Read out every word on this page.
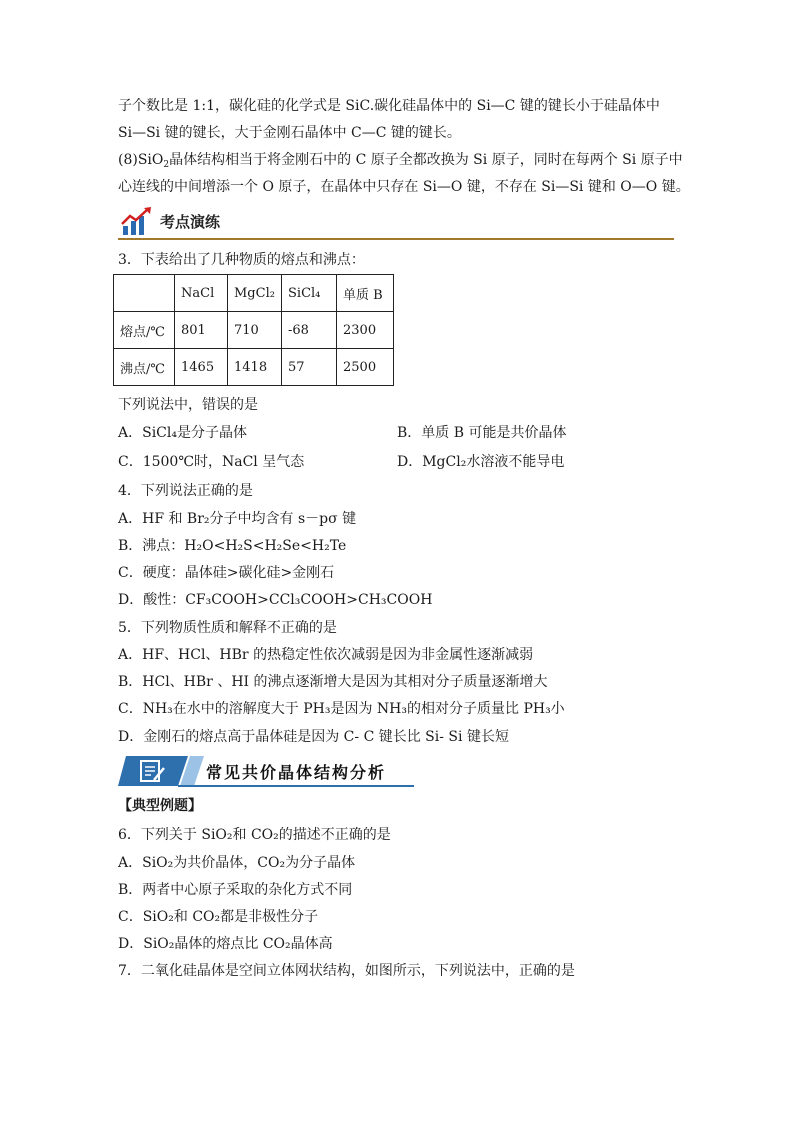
子个数比是 1:1，碳化硅的化学式是 SiC.碳化硅晶体中的 Si—C 键的键长小于硅晶体中
Si—Si 键的键长，大于金刚石晶体中 C—C 键的键长。
(8)SiO$_2$晶体结构相当于将金刚石中的 C 原子全都改换为 Si 原子，同时在每两个 Si 原子中
心连线的中间增添一个 O 原子，在晶体中只存在 Si—O 键，不存在 Si—Si 键和 O—O 键。
考点演练
3．下表给出了几种物质的熔点和沸点：
	NaCl	MgCl₂	SiCl₄	单质 B
熔点/℃	801	710	-68	2300
沸点/℃	1465	1418	57	2500
下列说法中，错误的是
A．SiCl₄是分子晶体	B．单质 B 可能是共价晶体
C．1500℃时，NaCl 呈气态	D．MgCl₂水溶液不能导电
4．下列说法正确的是
A．HF 和 Br₂分子中均含有 s－pσ 键
B．沸点：H₂O<H₂S<H₂Se<H₂Te
C．硬度：晶体硅>碳化硅>金刚石
D．酸性：CF₃COOH>CCl₃COOH>CH₃COOH
5．下列物质性质和解释不正确的是
A．HF、HCl、HBr 的热稳定性依次减弱是因为非金属性逐渐减弱
B．HCl、HBr 、HI 的沸点逐渐增大是因为其相对分子质量逐渐增大
C．NH₃在水中的溶解度大于 PH₃是因为 NH₃的相对分子质量比 PH₃小
D．金刚石的熔点高于晶体硅是因为 C- C 键长比 Si- Si 键长短
常见共价晶体结构分析
【典型例题】
6．下列关于 SiO₂和 CO₂的描述不正确的是
A．SiO₂为共价晶体，CO₂为分子晶体
B．两者中心原子采取的杂化方式不同
C．SiO₂和 CO₂都是非极性分子
D．SiO₂晶体的熔点比 CO₂晶体高
7．二氧化硅晶体是空间立体网状结构，如图所示，下列说法中，正确的是
